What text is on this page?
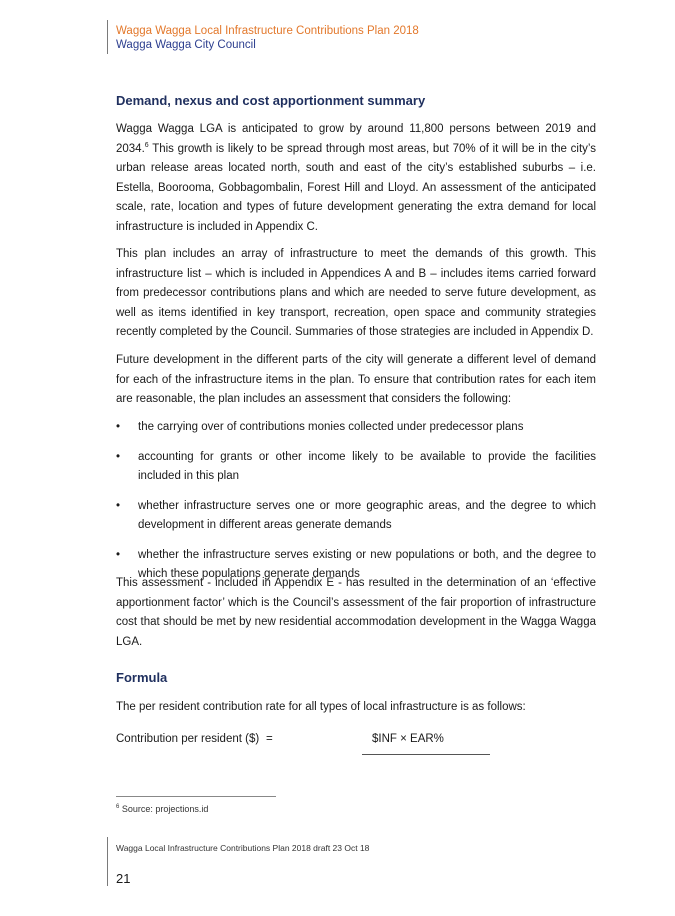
Wagga Wagga Local Infrastructure Contributions Plan 2018
Wagga Wagga City Council
Demand, nexus and cost apportionment summary

Wagga Wagga LGA is anticipated to grow by around 11,800 persons between 2019 and 2034.$^6$ This growth is likely to be spread through most areas, but 70% of it will be in the city’s urban release areas located north, south and east of the city’s established suburbs – i.e. Estella, Boorooma, Gobbagombalin, Forest Hill and Lloyd. An assessment of the anticipated scale, rate, location and types of future development generating the extra demand for local infrastructure is included in Appendix C.

This plan includes an array of infrastructure to meet the demands of this growth. This infrastructure list – which is included in Appendices A and B – includes items carried forward from predecessor contributions plans and which are needed to serve future development, as well as items identified in key transport, recreation, open space and community strategies recently completed by the Council. Summaries of those strategies are included in Appendix D.

Future development in the different parts of the city will generate a different level of demand for each of the infrastructure items in the plan. To ensure that contribution rates for each item are reasonable, the plan includes an assessment that considers the following:

• the carrying over of contributions monies collected under predecessor plans
• accounting for grants or other income likely to be available to provide the facilities included in this plan
• whether infrastructure serves one or more geographic areas, and the degree to which development in different areas generate demands
• whether the infrastructure serves existing or new populations or both, and the degree to which these populations generate demands

This assessment - included in Appendix E - has resulted in the determination of an ‘effective apportionment factor’ which is the Council’s assessment of the fair proportion of infrastructure cost that should be met by new residential accommodation development in the Wagga Wagga LGA.

Formula

The per resident contribution rate for all types of local infrastructure is as follows:

Contribution per resident ($) =	$INF × EAR%
$^6$ Source: projections.id
Wagga Local Infrastructure Contributions Plan 2018 draft 23 Oct 18
21
